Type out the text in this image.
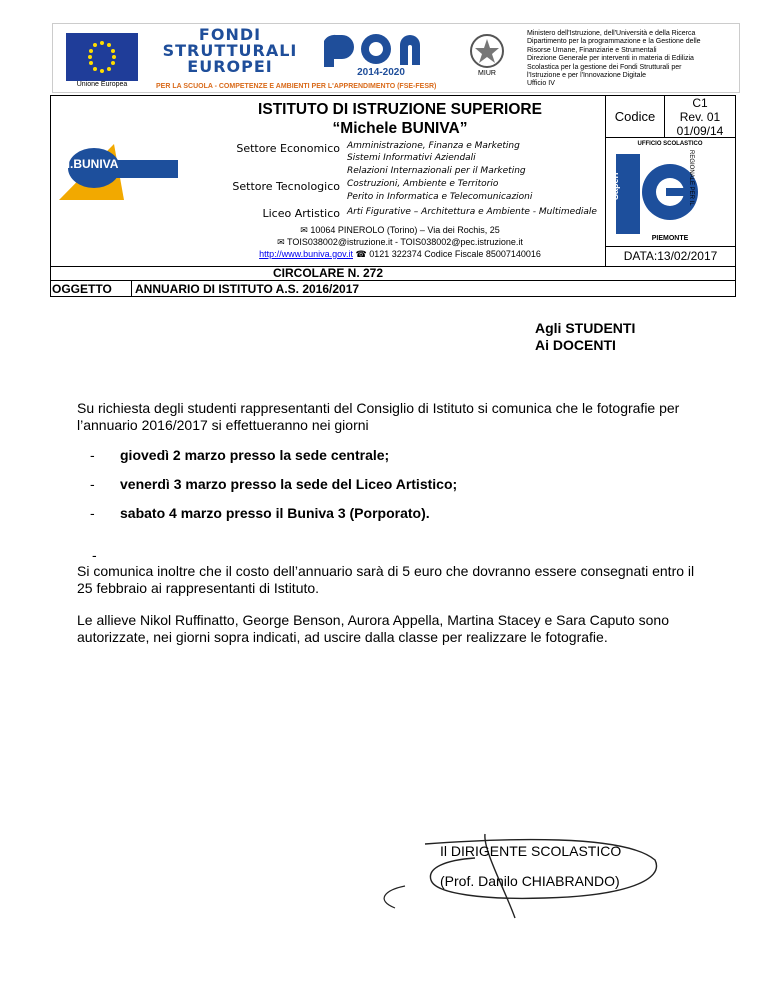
Unione Europea
FONDI
STRUTTURALI
EUROPEI	2014-2020	MIUR
Ministero dell'Istruzione, dell'Università e della Ricerca
Dipartimento per la programmazione e la Gestione delle
Risorse Umane, Finanziarie e Strumentali
Direzione Generale per interventi in materia di Edilizia
Scolastica per la gestione dei Fondi Strutturali per
l'Istruzione e per l'Innovazione Digitale
Ufficio IV
PER LA SCUOLA - COMPETENZE E AMBIENTI PER L'APPRENDIMENTO (FSE-FESR)
ISTITUTO DI ISTRUZIONE SUPERIORE
“Michele BUNIVA”
Codice
C1
Rev. 01
01/09/14
M.BUNIVA
Settore Economico Amministrazione, Finanza e Marketing
Sistemi Informativi Aziendali
Relazioni Internazionali per il Marketing
Settore Tecnologico Costruzioni, Ambiente e Territorio
Perito in Informatica e Telecomunicazioni
Liceo Artistico Arti Figurative – Architettura e Ambiente - Multimediale
✉ 10064 PINEROLO (Torino) – Via dei Rochis, 25
✉ TOIS038002@istruzione.it - TOIS038002@pec.istruzione.it
http://www.buniva.gov.it ☎ 0121 322374 Codice Fiscale 85007140016
UFFICIO SCOLASTICO
Saperi	REGIONALE PER IL
PIEMONTE
DATA:13/02/2017
CIRCOLARE N. 272
OGGETTO ANNUARIO DI ISTITUTO A.S. 2016/2017
Agli STUDENTI
Ai DOCENTI
Su richiesta degli studenti rappresentanti del Consiglio di Istituto si comunica che le fotografie per l’annuario 2016/2017 si effettueranno nei giorni
- giovedì 2 marzo presso la sede centrale;
- venerdì 3 marzo presso la sede del Liceo Artistico;
- sabato 4 marzo presso il Buniva 3 (Porporato).
-
Si comunica inoltre che il costo dell’annuario sarà di 5 euro che dovranno essere consegnati entro il 25 febbraio ai rappresentanti di Istituto.
Le allieve Nikol Ruffinatto, George Benson, Aurora Appella, Martina Stacey e Sara Caputo sono autorizzate, nei giorni sopra indicati, ad uscire dalla classe per realizzare le fotografie.
Il DIRIGENTE SCOLASTICO
(Prof. Danilo CHIABRANDO)
